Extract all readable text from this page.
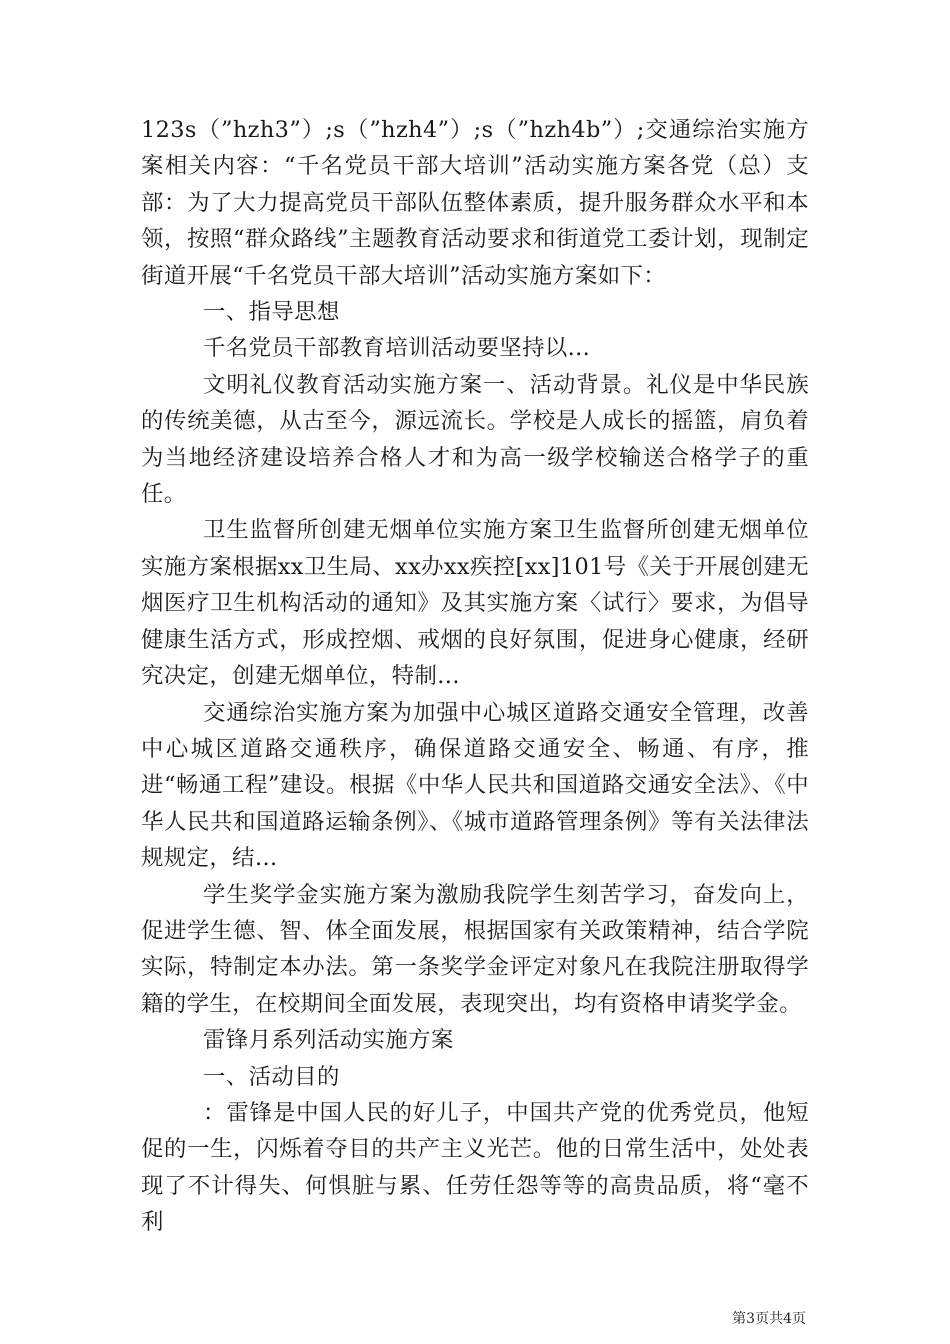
123s（”hzh3”）;s（”hzh4”）;s（”hzh4b”）;交通综治实施方案相关内容：“千名党员干部大培训”活动实施方案各党（总）支部：为了大力提高党员干部队伍整体素质，提升服务群众水平和本领，按照“群众路线”主题教育活动要求和街道党工委计划，现制定街道开展“千名党员干部大培训”活动实施方案如下：

一、指导思想

千名党员干部教育培训活动要坚持以...

文明礼仪教育活动实施方案一、活动背景。礼仪是中华民族的传统美德，从古至今，源远流长。学校是人成长的摇篮，肩负着为当地经济建设培养合格人才和为高一级学校输送合格学子的重任。

卫生监督所创建无烟单位实施方案卫生监督所创建无烟单位实施方案根据xx卫生局、xx办xx疾控[xx]101号《关于开展创建无烟医疗卫生机构活动的通知》及其实施方案〈试行〉要求，为倡导健康生活方式，形成控烟、戒烟的良好氛围，促进身心健康，经研究决定，创建无烟单位，特制...

交通综治实施方案为加强中心城区道路交通安全管理，改善中心城区道路交通秩序，确保道路交通安全、畅通、有序，推进“畅通工程”建设。根据《中华人民共和国道路交通安全法》、《中华人民共和国道路运输条例》、《城市道路管理条例》等有关法律法规规定，结...

学生奖学金实施方案为激励我院学生刻苦学习，奋发向上，促进学生德、智、体全面发展，根据国家有关政策精神，结合学院实际，特制定本办法。第一条奖学金评定对象凡在我院注册取得学籍的学生，在校期间全面发展，表现突出，均有资格申请奖学金。

雷锋月系列活动实施方案

一、活动目的

：雷锋是中国人民的好儿子，中国共产党的优秀党员，他短促的一生，闪烁着夺目的共产主义光芒。他的日常生活中，处处表现了不计得失、何惧脏与累、任劳任怨等等的高贵品质，将“毫不利

第3页共4页
